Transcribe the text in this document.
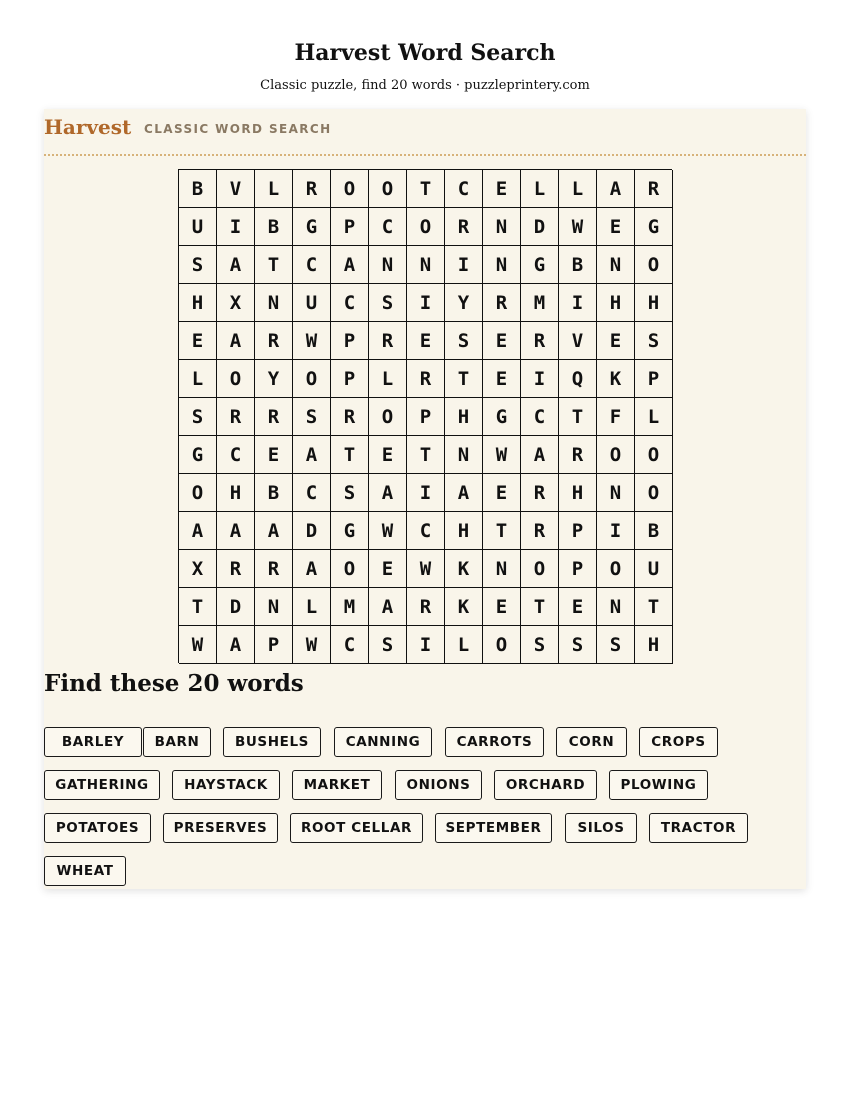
Harvest Word Search
Classic puzzle, find 20 words · puzzleprintery.com
Harvest CLASSIC WORD SEARCH
B	V	L	R	O	O	T	C	E	L	L	A	R
U	I	B	G	P	C	O	R	N	D	W	E	G
S	A	T	C	A	N	N	I	N	G	B	N	O
H	X	N	U	C	S	I	Y	R	M	I	H	H
E	A	R	W	P	R	E	S	E	R	V	E	S
L	O	Y	O	P	L	R	T	E	I	Q	K	P
S	R	R	S	R	O	P	H	G	C	T	F	L
G	C	E	A	T	E	T	N	W	A	R	O	O
O	H	B	C	S	A	I	A	E	R	H	N	O
A	A	A	D	G	W	C	H	T	R	P	I	B
X	R	R	A	O	E	W	K	N	O	P	O	U
T	D	N	L	M	A	R	K	E	T	E	N	T
W	A	P	W	C	S	I	L	O	S	S	S	H
Find these 20 words
BARLEY	BARN	BUSHELS	CANNING	CARROTS	CORN	CROPS
GATHERING	HAYSTACK	MARKET	ONIONS	ORCHARD	PLOWING
POTATOES	PRESERVES	ROOT CELLAR	SEPTEMBER	SILOS	TRACTOR
WHEAT
